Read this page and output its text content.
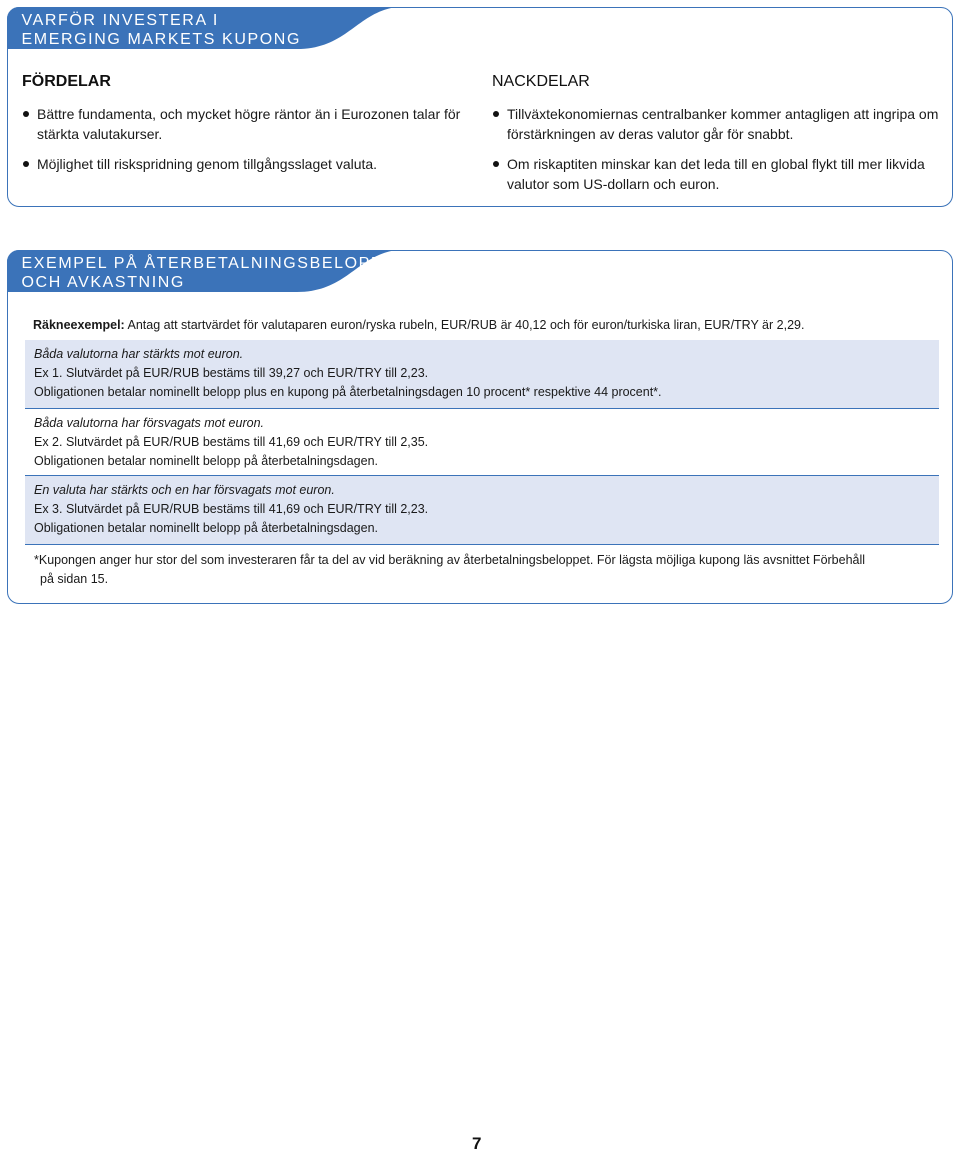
VARFÖR INVESTERA I
EMERGING MARKETS KUPONG
FÖRDELAR
Bättre fundamenta, och mycket högre räntor än i Eurozonen talar för stärkta valutakurser.
Möjlighet till riskspridning genom tillgångsslaget valuta.
NACKDELAR
Tillväxtekonomiernas centralbanker kommer antagligen att ingripa om förstärkningen av deras valutor går för snabbt.
Om riskaptiten minskar kan det leda till en global flykt till mer likvida valutor som US-dollarn och euron.
EXEMPEL PÅ ÅTERBETALNINGSBELOPP
OCH AVKASTNING
Räkneexempel: Antag att startvärdet för valutaparen euron/ryska rubeln, EUR/RUB är 40,12 och för euron/turkiska liran, EUR/TRY är 2,29.
Båda valutorna har stärkts mot euron.
Ex 1. Slutvärdet på EUR/RUB bestäms till 39,27 och EUR/TRY till 2,23.
Obligationen betalar nominellt belopp plus en kupong på återbetalningsdagen 10 procent* respektive 44 procent*.
Båda valutorna har försvagats mot euron.
Ex 2. Slutvärdet på EUR/RUB bestäms till 41,69 och EUR/TRY till 2,35.
Obligationen betalar nominellt belopp på återbetalningsdagen.
En valuta har stärkts och en har försvagats mot euron.
Ex 3. Slutvärdet på EUR/RUB bestäms till 41,69 och EUR/TRY till 2,23.
Obligationen betalar nominellt belopp på återbetalningsdagen.
*Kupongen anger hur stor del som investeraren får ta del av vid beräkning av återbetalningsbeloppet. För lägsta möjliga kupong läs avsnittet Förbehåll
på sidan 15.
7
